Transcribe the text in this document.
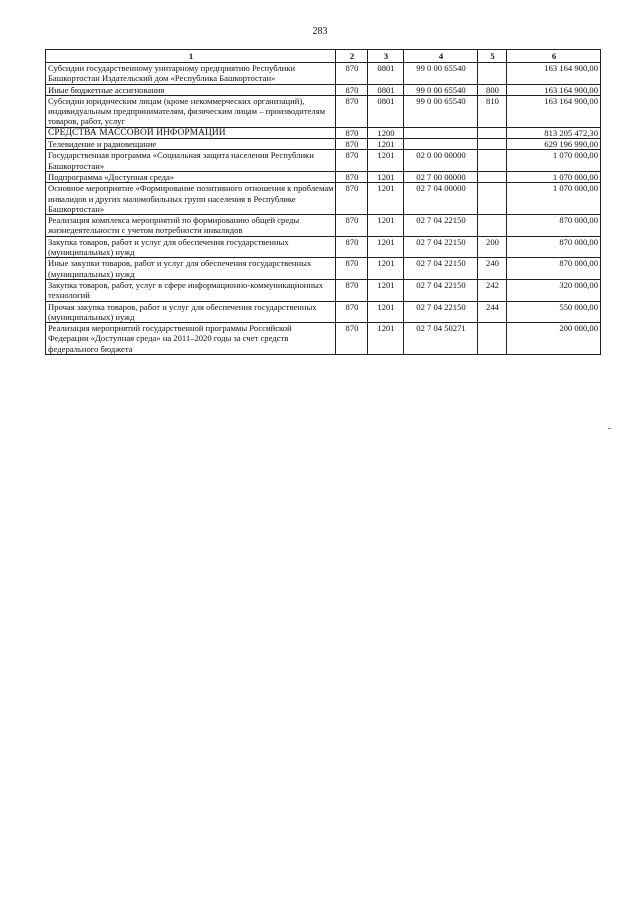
283
1	2	3	4	5	6
Субсидии государственному унитарному предприятию Республики Башкортостан Издательский дом «Республика Башкортостан»	870	0801	99 0 00 65540		163 164 900,00
Иные бюджетные ассигнования	870	0801	99 0 00 65540	800	163 164 900,00
Субсидии юридическим лицам (кроме некоммерческих организаций), индивидуальным предпринимателям, физическим лицам – производителям товаров, работ, услуг	870	0801	99 0 00 65540	810	163 164 900,00
СРЕДСТВА МАССОВОЙ ИНФОРМАЦИИ	870	1200			813 205 472,30
Телевидение и радиовещание	870	1201			629 196 990,00
Государственная программа «Социальная защита населения Республики Башкортостан»	870	1201	02 0 00 00000		1 070 000,00
Подпрограмма «Доступная среда»	870	1201	02 7 00 00000		1 070 000,00
Основное мероприятие «Формирование позитивного отношения к проблемам инвалидов и других маломобильных групп населения в Республике Башкортостан»	870	1201	02 7 04 00000		1 070 000,00
Реализация комплекса мероприятий по формированию общей среды жизнедеятельности с учетом потребности инвалидов	870	1201	02 7 04 22150		870 000,00
Закупка товаров, работ и услуг для обеспечения государственных (муниципальных) нужд	870	1201	02 7 04 22150	200	870 000,00
Иные закупки товаров, работ и услуг для обеспечения государственных (муниципальных) нужд	870	1201	02 7 04 22150	240	870 000,00
Закупка товаров, работ, услуг в сфере информационно-коммуникационных технологий	870	1201	02 7 04 22150	242	320 000,00
Прочая закупка товаров, работ и услуг для обеспечения государственных (муниципальных) нужд	870	1201	02 7 04 22150	244	550 000,00
Реализация мероприятий государственной программы Российской Федерации «Доступная среда» на 2011–2020 годы за счет средств федерального бюджета	870	1201	02 7 04 50271		200 000,00
